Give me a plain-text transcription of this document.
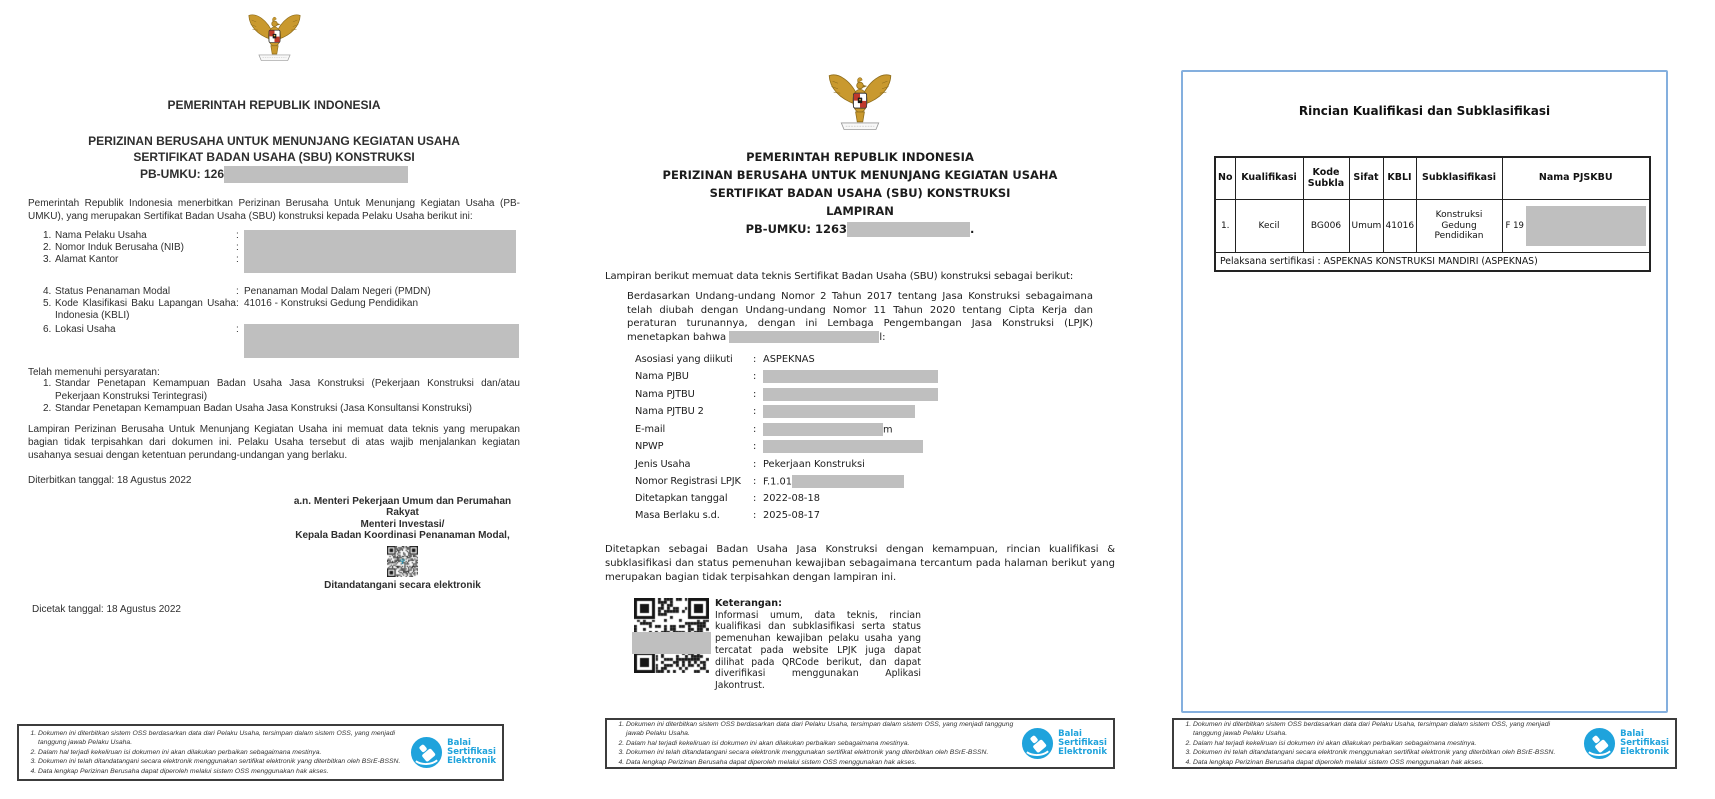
PEMERINTAH REPUBLIK INDONESIA
PERIZINAN BERUSAHA UNTUK MENUNJANG KEGIATAN USAHA
SERTIFIKAT BADAN USAHA (SBU) KONSTRUKSI
PB-UMKU: 126

Pemerintah Republik Indonesia menerbitkan Perizinan Berusaha Untuk Menunjang Kegiatan Usaha (PB-UMKU), yang merupakan Sertifikat Badan Usaha (SBU) konstruksi kepada Pelaku Usaha berikut ini:

1. Nama Pelaku Usaha	:
2. Nomor Induk Berusaha (NIB)	:
3. Alamat Kantor	:
4. Status Penanaman Modal	: Penanaman Modal Dalam Negeri (PMDN)
5. Kode Klasifikasi Baku Lapangan Usaha Indonesia (KBLI)
: 41016 - Konstruksi Gedung Pendidikan
6. Lokasi Usaha	:
Telah memenuhi persyaratan:
1. Standar Penetapan Kemampuan Badan Usaha Jasa Konstruksi (Pekerjaan Konstruksi dan/atau Pekerjaan Konstruksi Terintegrasi)
2. Standar Penetapan Kemampuan Badan Usaha Jasa Konstruksi (Jasa Konsultansi Konstruksi)

Lampiran Perizinan Berusaha Untuk Menunjang Kegiatan Usaha ini memuat data teknis yang merupakan bagian tidak terpisahkan dari dokumen ini. Pelaku Usaha tersebut di atas wajib menjalankan kegiatan usahanya sesuai dengan ketentuan perundang-undangan yang berlaku.

Diterbitkan tanggal: 18 Agustus 2022
a.n. Menteri Pekerjaan Umum dan Perumahan Rakyat
Menteri Investasi/
Kepala Badan Koordinasi Penanaman Modal,
♆
Ditandatangani secara elektronik
Dicetak tanggal: 18 Agustus 2022
PEMERINTAH REPUBLIK INDONESIA
PERIZINAN BERUSAHA UNTUK MENUNJANG KEGIATAN USAHA
SERTIFIKAT BADAN USAHA (SBU) KONSTRUKSI
LAMPIRAN
PB-UMKU: 1263	.

Lampiran berikut memuat data teknis Sertifikat Badan Usaha (SBU) konstruksi sebagai berikut:

Berdasarkan Undang-undang Nomor 2 Tahun 2017 tentang Jasa Konstruksi sebagaimana telah diubah dengan Undang-undang Nomor 11 Tahun 2020 tentang Cipta Kerja dan peraturan turunannya, dengan ini Lembaga Pengembangan Jasa Konstruksi (LPJK) menetapkan bahwa	l:

Asosiasi yang diikuti	: ASPEKNAS
Nama PJBU	:
Nama PJTBU	:
Nama PJTBU 2	:
E-mail	:	m
NPWP	:
Jenis Usaha	: Pekerjaan Konstruksi
Nomor Registrasi LPJK	: F.1.01
Ditetapkan tanggal	: 2022-08-18
Masa Berlaku s.d.	: 2025-08-17

Ditetapkan sebagai Badan Usaha Jasa Konstruksi dengan kemampuan, rincian kualifikasi & subklasifikasi dan status pemenuhan kewajiban sebagaimana tercantum pada halaman berikut yang merupakan bagian tidak terpisahkan dengan lampiran ini.

Keterangan:
Informasi umum, data teknis, rincian kualifikasi dan subklasifikasi serta status pemenuhan kewajiban pelaku usaha yang tercatat pada website LPJK juga dapat dilihat pada QRCode berikut, dan dapat diverifikasi menggunakan Aplikasi Jakontrust.
Rincian Kualifikasi dan Subklasifikasi
No	Kualifikasi	Kode Subkla	Sifat	KBLI	Subklasifikasi	Nama PJSKBU
1.	Kecil	BG006	Umum	41016	Konstruksi Gedung Pendidikan	F 19

Pelaksana sertifikasi : ASPEKNAS KONSTRUKSI MANDIRI (ASPEKNAS)						
1. Dokumen ini diterbitkan sistem OSS berdasarkan data dari Pelaku Usaha, tersimpan dalam sistem OSS, yang menjadi tanggung jawab Pelaku Usaha.
2. Dalam hal terjadi kekeliruan isi dokumen ini akan dilakukan perbaikan sebagaimana mestinya.
3. Dokumen ini telah ditandatangani secara elektronik menggunakan sertifikat elektronik yang diterbitkan oleh BSrE-BSSN.
4. Data lengkap Perizinan Berusaha dapat diperoleh melalui sistem OSS menggunakan hak akses.
Balai
Sertifikasi
Elektronik
1. Dokumen ini diterbitkan sistem OSS berdasarkan data dari Pelaku Usaha, tersimpan dalam sistem OSS, yang menjadi tanggung jawab Pelaku Usaha.
2. Dalam hal terjadi kekeliruan isi dokumen ini akan dilakukan perbaikan sebagaimana mestinya.
3. Dokumen ini telah ditandatangani secara elektronik menggunakan sertifikat elektronik yang diterbitkan oleh BSrE-BSSN.
4. Data lengkap Perizinan Berusaha dapat diperoleh melalui sistem OSS menggunakan hak akses.
Balai
Sertifikasi
Elektronik
1. Dokumen ini diterbitkan sistem OSS berdasarkan data dari Pelaku Usaha, tersimpan dalam sistem OSS, yang menjadi tanggung jawab Pelaku Usaha.
2. Dalam hal terjadi kekeliruan isi dokumen ini akan dilakukan perbaikan sebagaimana mestinya.
3. Dokumen ini telah ditandatangani secara elektronik menggunakan sertifikat elektronik yang diterbitkan oleh BSrE-BSSN.
4. Data lengkap Perizinan Berusaha dapat diperoleh melalui sistem OSS menggunakan hak akses.
Balai
Sertifikasi
Elektronik
